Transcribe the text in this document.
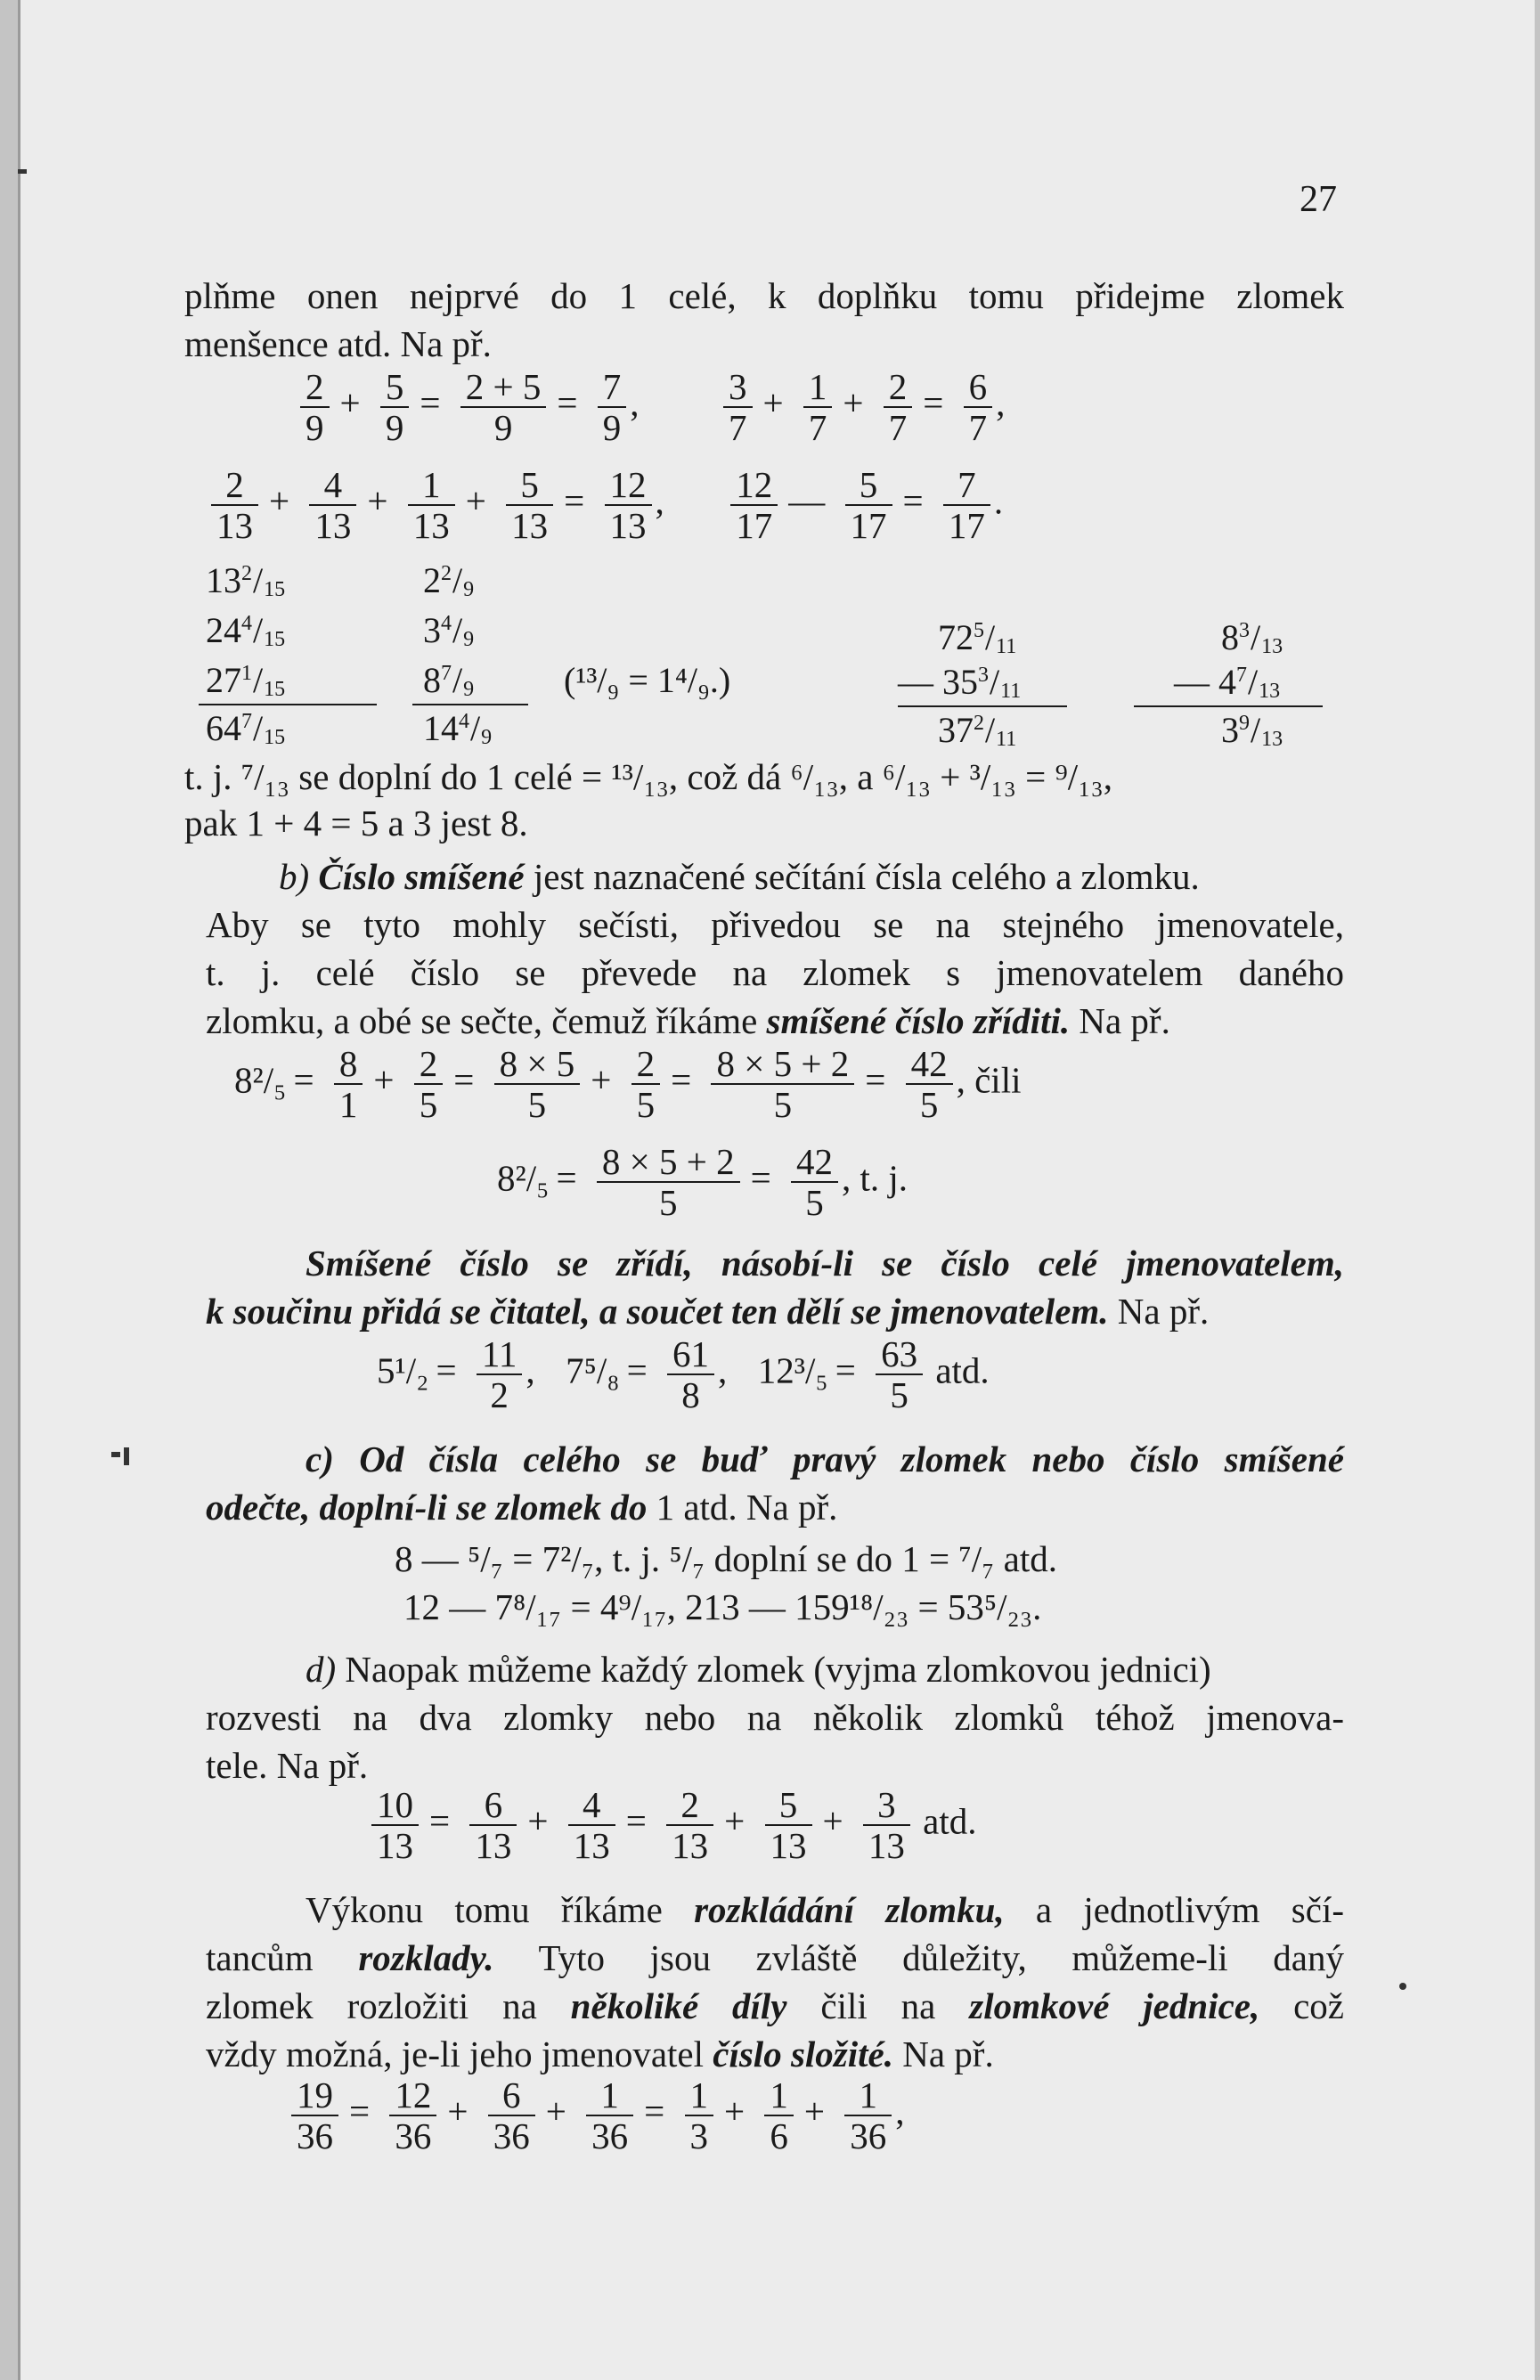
27
plňme onen nejprvé do 1 celé, k doplňku tomu přidejme zlomek
menšence atd. Na př.
$\frac{2}{9} + \frac{5}{9} = \frac{2 + 5}{9} = \frac{7}{9}$ , $\frac{3}{7} + \frac{1}{7} + \frac{2}{7} = \frac{6}{7}$ ,
$\frac{2}{13} + \frac{4}{13} + \frac{1}{13} + \frac{5}{13} = \frac{12}{13}$ , $\frac{12}{17}$ — $\frac{5}{17} = \frac{7}{17}$ .
$13^2/_{15}$
$24^4/_{15}$
$27^1/_{15}$
$64^7/_{15}$
$2^2/_9$
$3^4/_9$
$8^7/_9$
$14^4/_9$
(¹³/₉ = 1⁴/₉.)
$72^5/_{11}$
— $35^3/_{11}$
$37^2/_{11}$
$8^3/_{13}$
— $4^7/_{13}$
$3^9/_{13}$
t. j. ⁷/₁₃ se doplní do 1 celé = ¹³/₁₃, což dá ⁶/₁₃, a ⁶/₁₃ + ³/₁₃ = ⁹/₁₃,
pak 1 + 4 = 5 a 3 jest 8.
b) Číslo smíšené jest naznačené sečítání čísla celého a zlomku.
Aby se tyto mohly sečísti, přivedou se na stejného jmenovatele,
t. j. celé číslo se převede na zlomek s jmenovatelem daného
zlomku, a obé se sečte, čemuž říkáme smíšené číslo zříditi. Na př.
$8^2/_5 = \frac{8}{1} + \frac{2}{5} = \frac{8 \times 5}{5} + \frac{2}{5} = \frac{8 \times 5 + 2}{5} = \frac{42}{5}$ , čili
$8^2/_5 = \frac{8 \times 5 + 2}{5} = \frac{42}{5}$ , t. j.
Smíšené číslo se zřídí, násobí-li se číslo celé jmenovatelem,
k součinu přidá se čitatel, a součet ten dělí se jmenovatelem. Na př.
$5^1/_2 = \frac{11}{2}$ , $7^5/_8 = \frac{61}{8}$ , $12^3/_5 = \frac{63}{5}$ atd.
c) Od čísla celého se buď pravý zlomek nebo číslo smíšené
odečte, doplní-li se zlomek do 1 atd. Na př.
8 — ⁵/₇ = 7²/₇, t. j. ⁵/₇ doplní se do 1 = ⁷/₇ atd.
12 — 7⁸/₁₇ = 4⁹/₁₇, 213 — 159¹⁸/₂₃ = 53⁵/₂₃.
d) Naopak můžeme každý zlomek (vyjma zlomkovou jednici)
rozvesti na dva zlomky nebo na několik zlomků téhož jmenova-
tele. Na př.
$\frac{10}{13} = \frac{6}{13} + \frac{4}{13} = \frac{2}{13} + \frac{5}{13} + \frac{3}{13}$ atd.
Výkonu tomu říkáme rozkládání zlomku, a jednotlivým sčí-
tancům rozklady. Tyto jsou zvláště důležity, můžeme-li daný
zlomek rozložiti na několiké díly čili na zlomkové jednice, což
vždy možná, je-li jeho jmenovatel číslo složité. Na př.
$\frac{19}{36} = \frac{12}{36} + \frac{6}{36} + \frac{1}{36} = \frac{1}{3} + \frac{1}{6} + \frac{1}{36}$ ,
